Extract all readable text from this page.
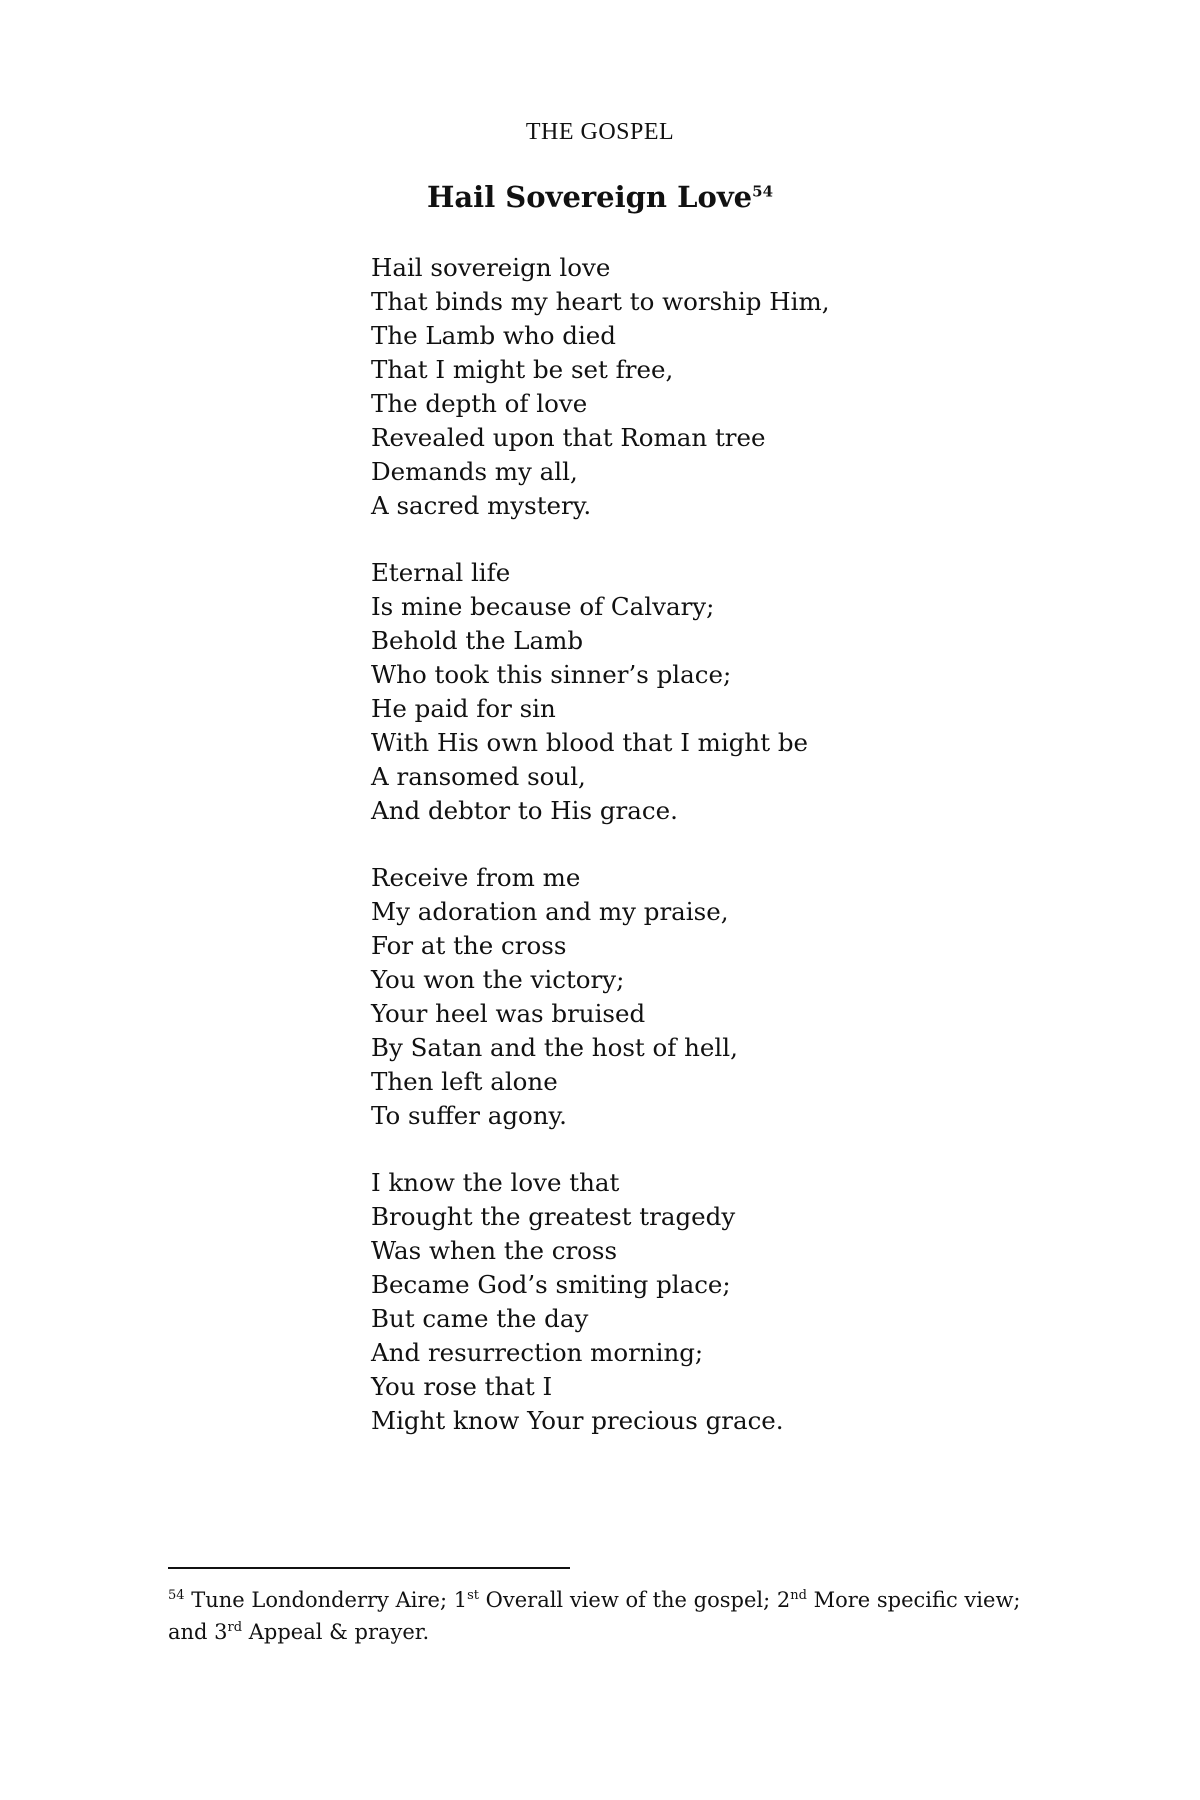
THE GOSPEL
Hail Sovereign Love$^{54}$
Hail sovereign love
That binds my heart to worship Him,
The Lamb who died
That I might be set free,
The depth of love
Revealed upon that Roman tree
Demands my all,
A sacred mystery.
Eternal life
Is mine because of Calvary;
Behold the Lamb
Who took this sinner’s place;
He paid for sin
With His own blood that I might be
A ransomed soul,
And debtor to His grace.
Receive from me
My adoration and my praise,
For at the cross
You won the victory;
Your heel was bruised
By Satan and the host of hell,
Then left alone
To suffer agony.
I know the love that
Brought the greatest tragedy
Was when the cross
Became God’s smiting place;
But came the day
And resurrection morning;
You rose that I
Might know Your precious grace.
$^{54}$ Tune Londonderry Aire; 1st Overall view of the gospel; 2nd More specific view; and 3rd Appeal & prayer.
